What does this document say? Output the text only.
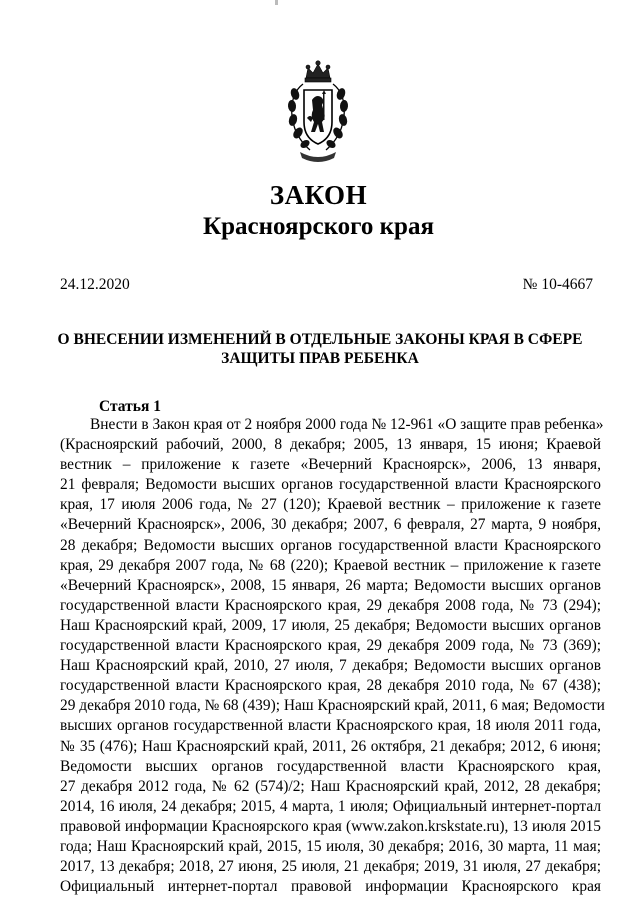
ЗАКОН
Красноярского края
24.12.2020	№ 10-4667
О ВНЕСЕНИИ ИЗМЕНЕНИЙ В ОТДЕЛЬНЫЕ ЗАКОНЫ КРАЯ В СФЕРЕ
ЗАЩИТЫ ПРАВ РЕБЕНКА
Статья 1
Внести в Закон края от 2 ноября 2000 года № 12-961 «О защите прав ребенка»
(Красноярский рабочий, 2000, 8 декабря; 2005, 13 января, 15 июня; Краевой
вестник – приложение к газете «Вечерний Красноярск», 2006, 13 января,
21 февраля; Ведомости высших органов государственной власти Красноярского
края, 17 июля 2006 года, № 27 (120); Краевой вестник – приложение к газете
«Вечерний Красноярск», 2006, 30 декабря; 2007, 6 февраля, 27 марта, 9 ноября,
28 декабря; Ведомости высших органов государственной власти Красноярского
края, 29 декабря 2007 года, № 68 (220); Краевой вестник – приложение к газете
«Вечерний Красноярск», 2008, 15 января, 26 марта; Ведомости высших органов
государственной власти Красноярского края, 29 декабря 2008 года, № 73 (294);
Наш Красноярский край, 2009, 17 июля, 25 декабря; Ведомости высших органов
государственной власти Красноярского края, 29 декабря 2009 года, № 73 (369);
Наш Красноярский край, 2010, 27 июля, 7 декабря; Ведомости высших органов
государственной власти Красноярского края, 28 декабря 2010 года, № 67 (438);
29 декабря 2010 года, № 68 (439); Наш Красноярский край, 2011, 6 мая; Ведомости
высших органов государственной власти Красноярского края, 18 июля 2011 года,
№ 35 (476); Наш Красноярский край, 2011, 26 октября, 21 декабря; 2012, 6 июня;
Ведомости высших органов государственной власти Красноярского края,
27 декабря 2012 года, № 62 (574)/2; Наш Красноярский край, 2012, 28 декабря;
2014, 16 июля, 24 декабря; 2015, 4 марта, 1 июля; Официальный интернет-портал
правовой информации Красноярского края (www.zakon.krskstate.ru), 13 июля 2015
года; Наш Красноярский край, 2015, 15 июля, 30 декабря; 2016, 30 марта, 11 мая;
2017, 13 декабря; 2018, 27 июня, 25 июля, 21 декабря; 2019, 31 июля, 27 декабря;
Официальный интернет-портал правовой информации Красноярского края
